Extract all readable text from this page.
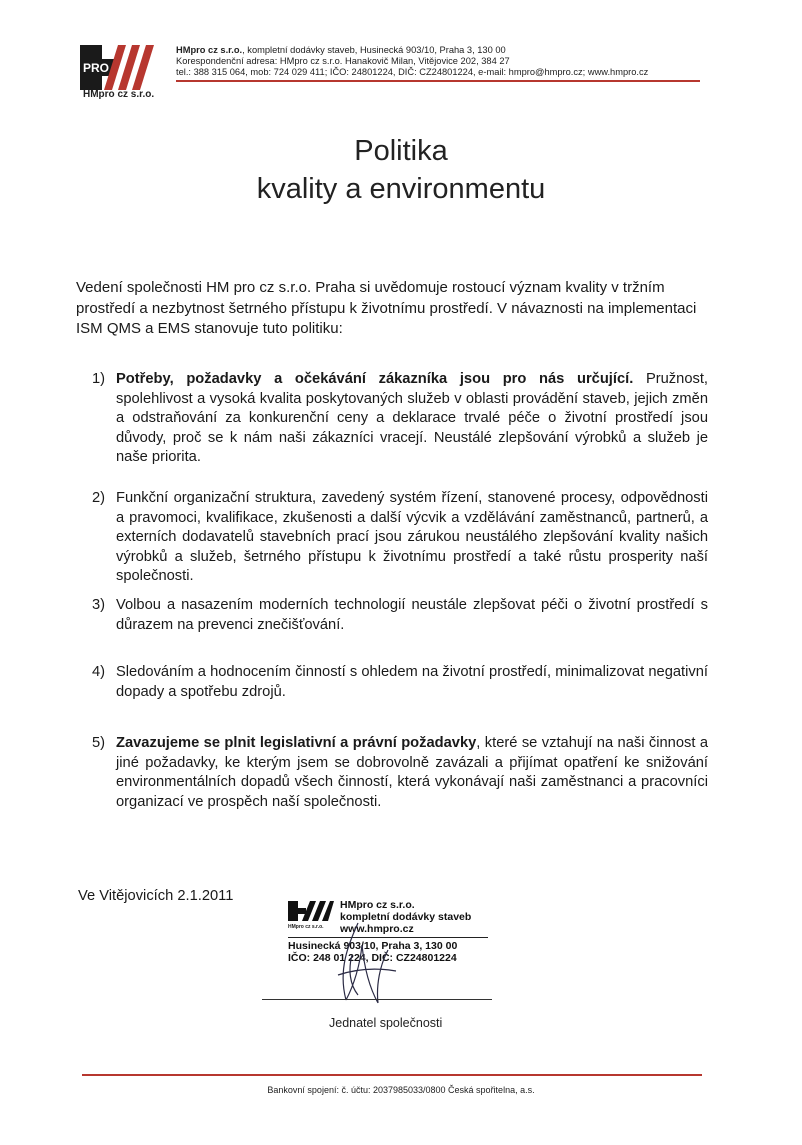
PRO
HMpro cz s.r.o.
HMpro cz s.r.o., kompletní dodávky staveb, Husinecká 903/10, Praha 3, 130 00
Korespondenční adresa: HMpro cz s.r.o. Hanakovič Milan, Vitějovice 202, 384 27
tel.: 388 315 064, mob: 724 029 411; IČO: 24801224, DIČ: CZ24801224, e-mail: hmpro@hmpro.cz; www.hmpro.cz
Politika
kvality a environmentu
Vedení společnosti HM pro cz s.r.o. Praha si uvědomuje rostoucí význam kvality v tržním prostředí a nezbytnost šetrného přístupu k životnímu prostředí. V návaznosti na implementaci ISM QMS a EMS stanovuje tuto politiku:
1) Potřeby, požadavky a očekávání zákazníka jsou pro nás určující. Pružnost, spolehlivost a vysoká kvalita poskytovaných služeb v oblasti provádění staveb, jejich změn a odstraňování za konkurenční ceny a deklarace trvalé péče o životní prostředí jsou důvody, proč se k nám naši zákazníci vracejí. Neustálé zlepšování výrobků a služeb je naše priorita.
2) Funkční organizační struktura, zavedený systém řízení, stanovené procesy, odpovědnosti a pravomoci, kvalifikace, zkušenosti a další výcvik a vzdělávání zaměstnanců, partnerů, a externích dodavatelů stavebních prací jsou zárukou neustálého zlepšování kvality našich výrobků a služeb, šetrného přístupu k životnímu prostředí a také růstu prosperity naší společnosti.
3) Volbou a nasazením moderních technologií neustále zlepšovat péči o životní prostředí s důrazem na prevenci znečišťování.
4) Sledováním a hodnocením činností s ohledem na životní prostředí, minimalizovat negativní dopady a spotřebu zdrojů.
5) Zavazujeme se plnit legislativní a právní požadavky, které se vztahují na naši činnost a jiné požadavky, ke kterým jsem se dobrovolně zavázali a přijímat opatření ke snižování environmentálních dopadů všech činností, která vykonávají naši zaměstnanci a pracovníci organizací ve prospěch naší společnosti.
Ve Vitějovicích 2.1.2011
HMpro cz s.r.o.
HMpro cz s.r.o.
kompletní dodávky staveb
www.hmpro.cz
Husinecká 903/10, Praha 3, 130 00
IČO: 248 01 224, DIČ: CZ24801224
Jednatel společnosti
Bankovní spojení: č. účtu: 2037985033/0800 Česká spořitelna, a.s.
